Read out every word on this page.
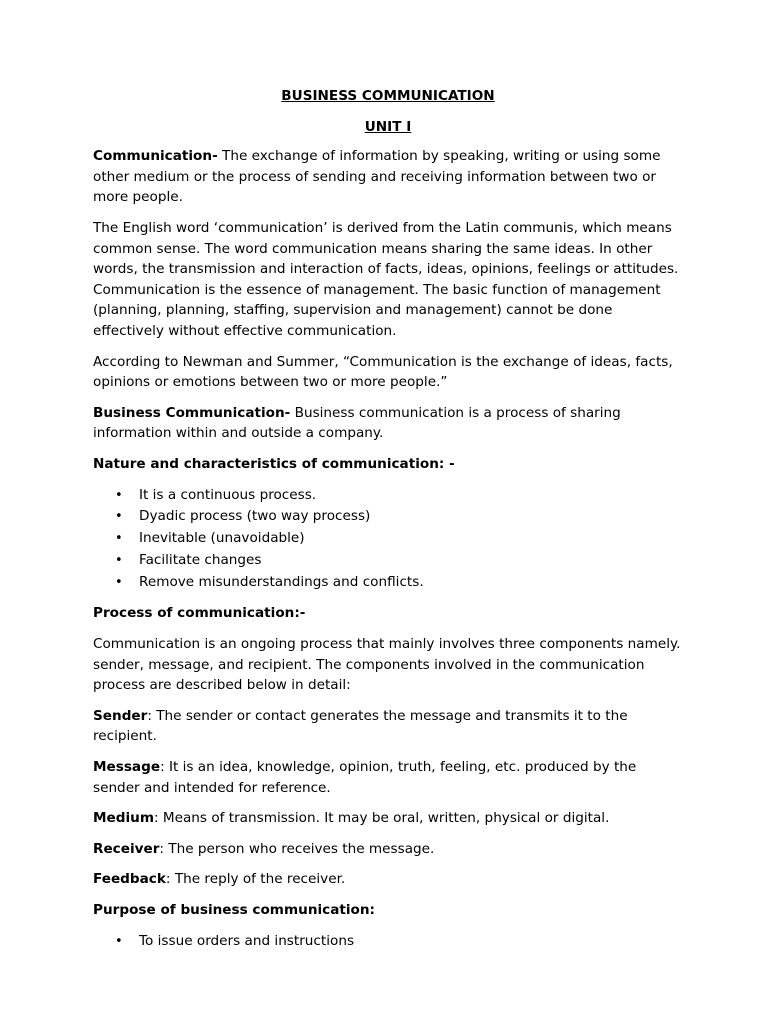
BUSINESS COMMUNICATION

UNIT I

Communication- The exchange of information by speaking, writing or using some other medium or the process of sending and receiving information between two or more people.

The English word ‘communication’ is derived from the Latin communis, which means common sense. The word communication means sharing the same ideas. In other words, the transmission and interaction of facts, ideas, opinions, feelings or attitudes. Communication is the essence of management. The basic function of management (planning, planning, staffing, supervision and management) cannot be done effectively without effective communication.

According to Newman and Summer, “Communication is the exchange of ideas, facts, opinions or emotions between two or more people.”

Business Communication- Business communication is a process of sharing information within and outside a company.

Nature and characteristics of communication: -

• It is a continuous process.
• Dyadic process (two way process)
• Inevitable (unavoidable)
• Facilitate changes
• Remove misunderstandings and conflicts.

Process of communication:-

Communication is an ongoing process that mainly involves three components namely. sender, message, and recipient. The components involved in the communication process are described below in detail:

Sender: The sender or contact generates the message and transmits it to the recipient.

Message: It is an idea, knowledge, opinion, truth, feeling, etc. produced by the sender and intended for reference.

Medium: Means of transmission. It may be oral, written, physical or digital.

Receiver: The person who receives the message.

Feedback: The reply of the receiver.

Purpose of business communication:

• To issue orders and instructions
